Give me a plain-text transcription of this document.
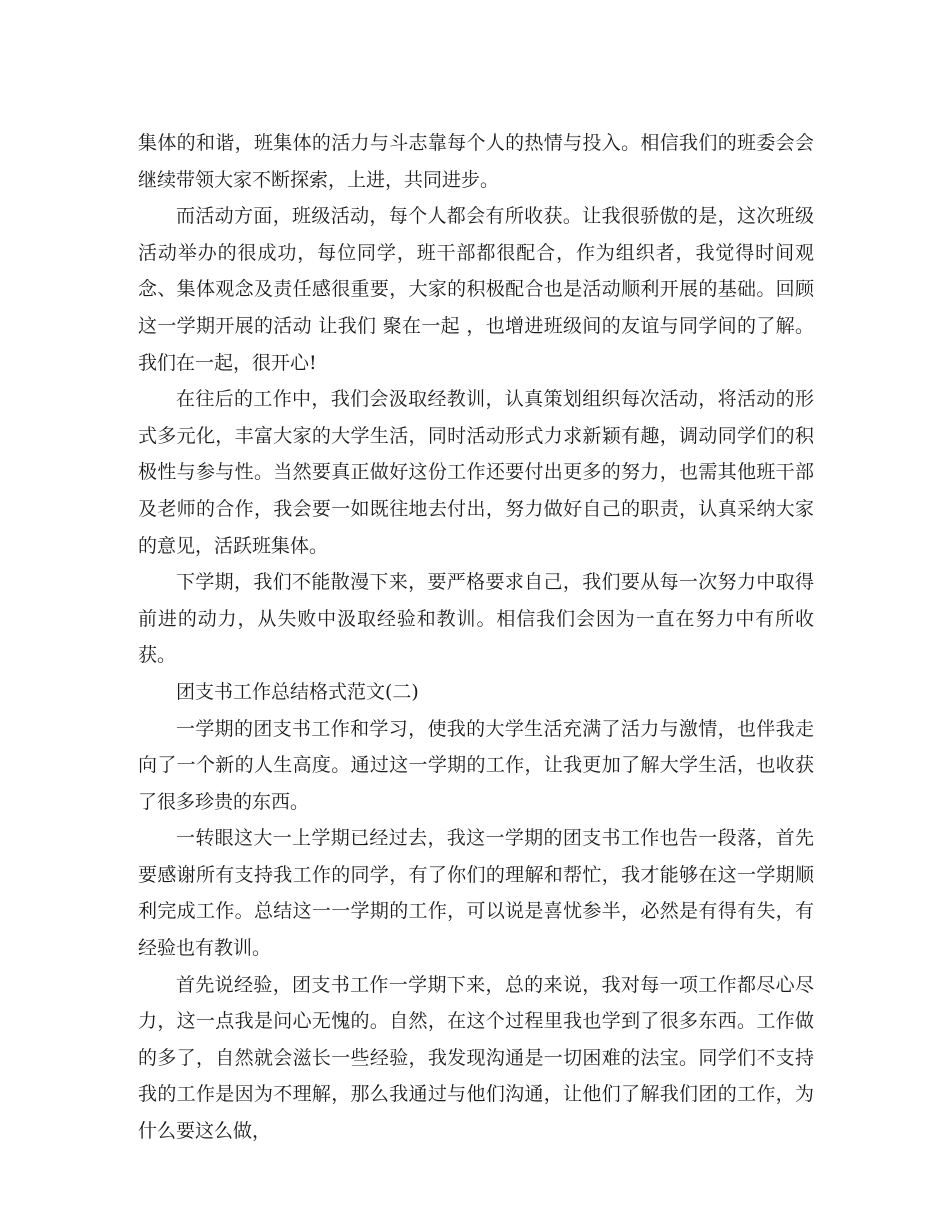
集体的和谐，班集体的活力与斗志靠每个人的热情与投入。相信我们的班委会会继续带领大家不断探索，上进，共同进步。

而活动方面，班级活动，每个人都会有所收获。让我很骄傲的是，这次班级活动举办的很成功，每位同学，班干部都很配合，作为组织者，我觉得时间观念、集体观念及责任感很重要，大家的积极配合也是活动顺利开展的基础。回顾这一学期开展的活动 让我们 聚在一起 ，也增进班级间的友谊与同学间的了解。我们在一起，很开心!

在往后的工作中，我们会汲取经教训，认真策划组织每次活动，将活动的形式多元化，丰富大家的大学生活，同时活动形式力求新颖有趣，调动同学们的积极性与参与性。当然要真正做好这份工作还要付出更多的努力，也需其他班干部及老师的合作，我会要一如既往地去付出，努力做好自己的职责，认真采纳大家的意见，活跃班集体。

下学期，我们不能散漫下来，要严格要求自己，我们要从每一次努力中取得前进的动力，从失败中汲取经验和教训。相信我们会因为一直在努力中有所收获。

团支书工作总结格式范文(二)

一学期的团支书工作和学习，使我的大学生活充满了活力与激情，也伴我走向了一个新的人生高度。通过这一学期的工作，让我更加了解大学生活，也收获了很多珍贵的东西。

一转眼这大一上学期已经过去，我这一学期的团支书工作也告一段落，首先要感谢所有支持我工作的同学，有了你们的理解和帮忙，我才能够在这一学期顺利完成工作。总结这一一学期的工作，可以说是喜忧参半，必然是有得有失，有经验也有教训。

首先说经验，团支书工作一学期下来，总的来说，我对每一项工作都尽心尽力，这一点我是问心无愧的。自然，在这个过程里我也学到了很多东西。工作做的多了，自然就会滋长一些经验，我发现沟通是一切困难的法宝。同学们不支持我的工作是因为不理解，那么我通过与他们沟通，让他们了解我们团的工作，为什么要这么做，
